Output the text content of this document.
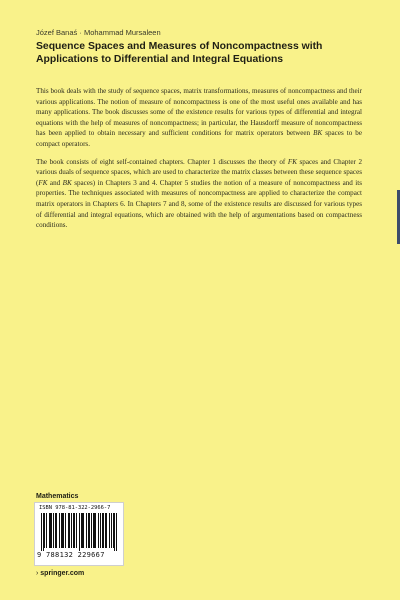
Józef Banaś · Mohammad Mursaleen
Sequence Spaces and Measures of Noncompactness with
Applications to Differential and Integral Equations

This book deals with the study of sequence spaces, matrix transformations, measures of noncompactness and their various applications. The notion of measure of noncompactness is one of the most useful ones available and has many applications. The book discusses some of the existence results for various types of differential and integral equations with the help of measures of noncompactness; in particular, the Hausdorff measure of noncompactness has been applied to obtain necessary and sufficient conditions for matrix operators between BK spaces to be compact operators.

The book consists of eight self-contained chapters. Chapter 1 discusses the theory of FK spaces and Chapter 2 various duals of sequence spaces, which are used to characterize the matrix classes between these sequence spaces (FK and BK spaces) in Chapters 3 and 4. Chapter 5 studies the notion of a measure of noncompactness and its properties. The techniques associated with measures of noncompactness are applied to characterize the compact matrix operators in Chapters 6. In Chapters 7 and 8, some of the existence results are discussed for various types of differential and integral equations, which are obtained with the help of argumentations based on compactness conditions.

Mathematics
ISBN 978-81-322-2966-7
9 788132 229667
› springer.com
